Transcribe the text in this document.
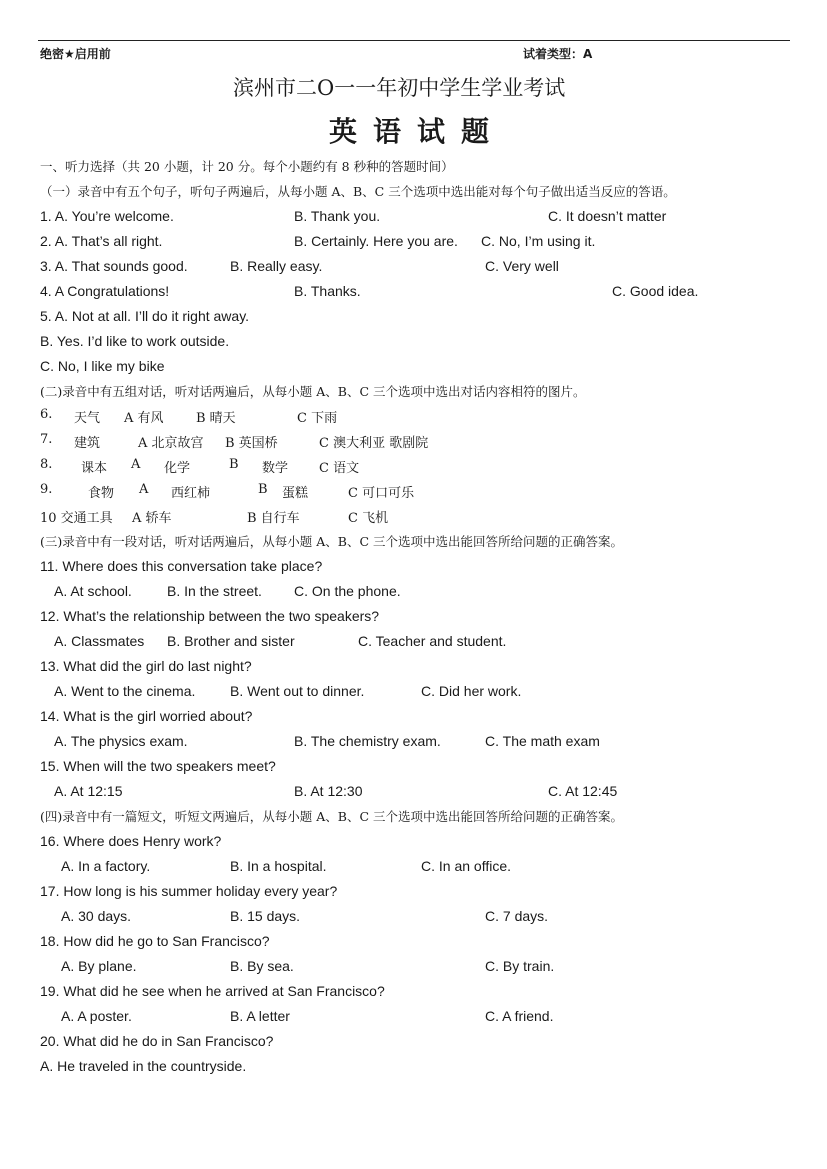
绝密★启用前	试着类型：A
滨州市二O一一年初中学生学业考试
英语试题
一、听力选择（共 20 小题，计 20 分。每个小题约有 8 秒种的答题时间）
（一）录音中有五个句子，听句子两遍后，从每小题 A、B、C 三个选项中选出能对每个句子做出适当反应的答语。
1. A. You’re welcome.	B. Thank you.	C. It doesn’t matter
2. A. That’s all right.	B. Certainly. Here you are. C. No, I’m using it.
3. A. That sounds good.	B. Really easy.	C. Very well
4. A Congratulations!	B. Thanks.	C. Good idea.
5. A. Not at all. I’ll do it right away.
B. Yes. I’d like to work outside.
C. No, I like my bike
(二)录音中有五组对话，听对话两遍后，从每小题 A、B、C 三个选项中选出对话内容相符的图片。
6. 天气 A 有风 B 晴天	C 下雨
7. 建筑	A 北京故宫 B 英国桥	C 澳大利亚 歌剧院
8. 课本 A 化学	B 数学 C 语文
9.	食物 A 西红柿	B 蛋糕	C 可口可乐
10 交通工具 A 轿车	B 自行车	C 飞机
(三)录音中有一段对话，听对话两遍后，从每小题 A、B、C 三个选项中选出能回答所给问题的正确答案。
11. Where does this conversation take place?
A. At school.	B. In the street. C. On the phone.
12. What’s the relationship between the two speakers?
A. Classmates B. Brother and sister	C. Teacher and student.
13. What did the girl do last night?
A. Went to the cinema. B. Went out to dinner.	C. Did her work.
14. What is the girl worried about?
A. The physics exam.	B. The chemistry exam.	C. The math exam
15. When will the two speakers meet?
A. At 12:15	B. At 12:30	C. At 12:45
(四)录音中有一篇短文，听短文两遍后，从每小题 A、B、C 三个选项中选出能回答所给问题的正确答案。
16. Where does Henry work?
A. In a factory.	B. In a hospital.	C. In an office.
17. How long is his summer holiday every year?
A. 30 days.	B. 15 days.	C. 7 days.
18. How did he go to San Francisco?
A. By plane.	B. By sea.	C. By train.
19. What did he see when he arrived at San Francisco?
A. A poster.	B. A letter	C. A friend.
20. What did he do in San Francisco?
A. He traveled in the countryside.
